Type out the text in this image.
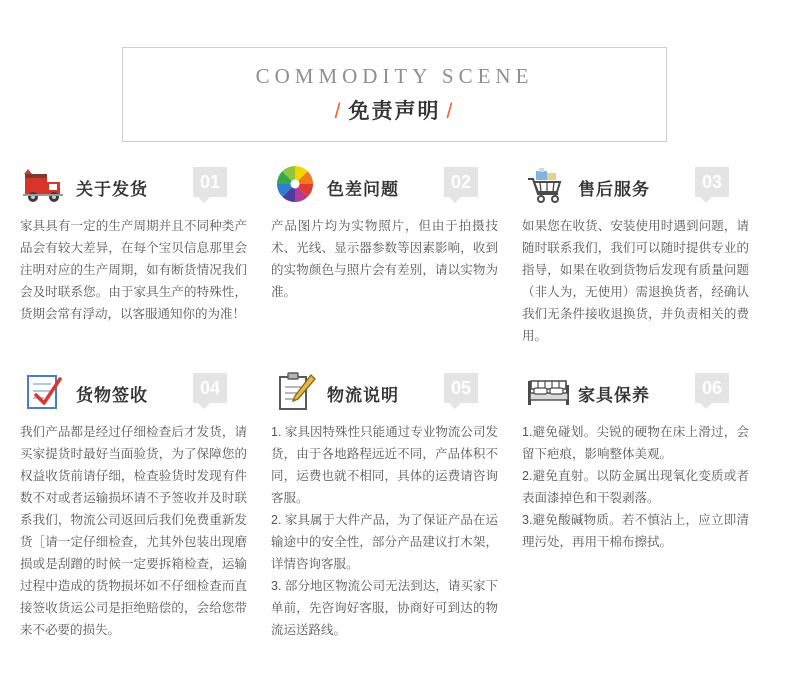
COMMODITY SCENE
/ 免责声明 /
关于发货	01

家具具有一定的生产周期并且不同种类产品会有较大差异，在每个宝贝信息那里会注明对应的生产周期，如有断货情况我们会及时联系您。由于家具生产的特殊性，货期会常有浮动，以客服通知你的为准！

色差问题	02

产品图片均为实物照片，但由于拍摄技术、光线、显示器参数等因素影响，收到的实物颜色与照片会有差别，请以实物为准。

售后服务	03

如果您在收货、安装使用时遇到问题，请随时联系我们，我们可以随时提供专业的指导，如果在收到货物后发现有质量问题（非人为，无使用）需退换货者，经确认我们无条件接收退换货，并负责相关的费用。

货物签收	04

我们产品都是经过仔细检查后才发货，请买家提货时最好当面验货，为了保障您的权益收货前请仔细，检查验货时发现有件数不对或者运输损坏请不予签收并及时联系我们，物流公司返回后我们免费重新发货［请一定仔细检查，尤其外包装出现磨损或是刮蹭的时候一定要拆箱检查，运输过程中造成的货物损坏如不仔细检查而直接签收货运公司是拒绝赔偿的，会给您带来不必要的损失。

物流说明	05

1. 家具因特殊性只能通过专业物流公司发货，由于各地路程远近不同，产品体积不同，运费也就不相同，具体的运费请咨询客服。

2. 家具属于大件产品，为了保证产品在运输途中的安全性，部分产品建议打木架，详情咨询客服。

3. 部分地区物流公司无法到达，请买家下单前，先咨询好客服，协商好可到达的物流运送路线。

家具保养	06

1.避免碰划。尖锐的硬物在床上滑过，会留下疤痕，影响整体美观。

2.避免直射。以防金属出现氧化变质或者表面漆掉色和干裂剥落。

3.避免酸碱物质。若不慎沾上，应立即清理污处，再用干棉布擦拭。
